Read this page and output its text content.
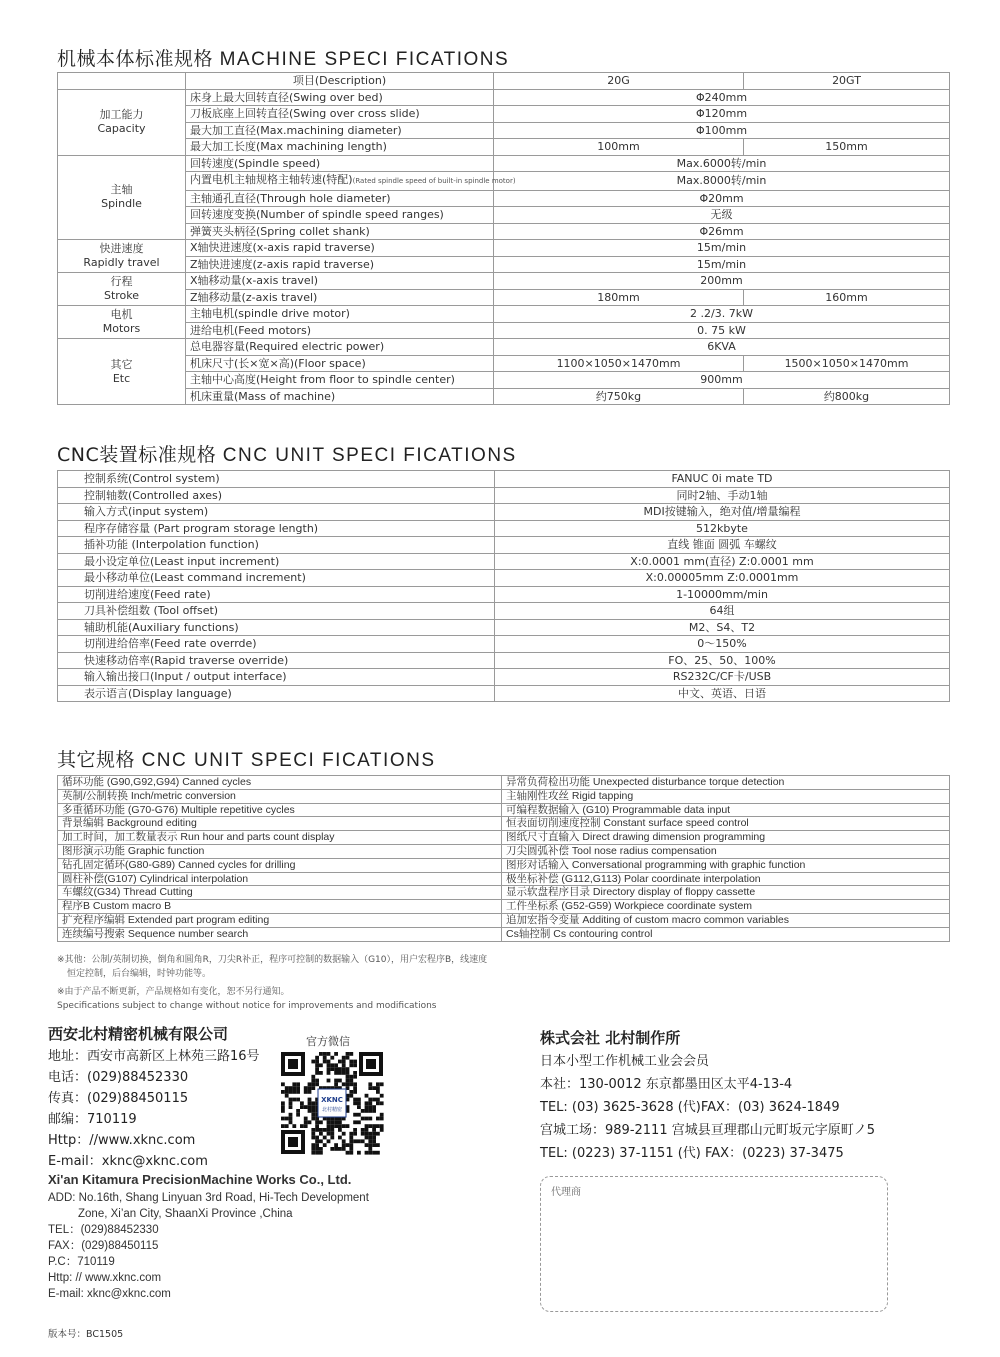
机械本体标准规格 MACHINE SPECI FICATIONS
	项目(Description)	20G	20GT

加工能力
Capacity	床身上最大回转直径(Swing over bed)	Φ240mm	
	刀板底座上回转直径(Swing over cross slide)	Φ120mm	
	最大加工直径(Max.machining diameter)	Φ100mm	
	最大加工长度(Max machining length)	100mm	150mm

主轴
Spindle	回转速度(Spindle speed)	Max.6000转/min	
	内置电机主轴规格主轴转速(特配)(Rated spindle speed of built-in spindle motor)	Max.8000转/min	
	主轴通孔直径(Through hole diameter)	Φ20mm	
	回转速度变换(Number of spindle speed ranges)	无级	
	弹簧夹头柄径(Spring collet shank)	Φ26mm	

快进速度
Rapidly travel	X轴快进速度(x-axis rapid traverse)	15m/min	
	Z轴快进速度(z-axis rapid traverse)	15m/min	

行程
Stroke	X轴移动量(x-axis travel)	200mm	
	Z轴移动量(z-axis travel)	180mm	160mm

电机
Motors	主轴电机(spindle drive motor)	2 .2/3. 7kW	
	进给电机(Feed motors)	0. 75 kW	

其它
Etc	总电器容量(Required electric power)	6KVA	
	机床尺寸(长×宽×高)(Floor space)	1100×1050×1470mm	1500×1050×1470mm
	主轴中心高度(Height from floor to spindle center)	900mm	
	机床重量(Mass of machine)	约750kg	约800kg
CNC装置标准规格 CNC UNIT SPECI FICATIONS
控制系统(Control system)	FANUC 0i mate TD
控制轴数(Controlled axes)	同时2轴、手动1轴
输入方式(input system)	MDI按键输入，绝对值/增量编程
程序存储容量 (Part program storage length)	512kbyte
插补功能 (Interpolation function)	直线 锥面 圆弧 车螺纹
最小设定单位(Least input increment)	X:0.0001 mm(直径) Z:0.0001 mm
最小移动单位(Least command increment)	X:0.00005mm Z:0.0001mm
切削进给速度(Feed rate)	1-10000mm/min
刀具补偿组数 (Tool offset)	64组
辅助机能(Auxiliary functions)	M2、S4、T2
切削进给倍率(Feed rate overrde)	0～150%
快速移动倍率(Rapid traverse override)	FO、25、50、100%
输入输出接口(Input / output interface)	RS232C/CF卡/USB
表示语言(Display language)	中文、英语、日语
其它规格 CNC UNIT SPECI FICATIONS
循环功能 (G90,G92,G94) Canned cycles	异常负荷检出功能 Unexpected disturbance torque detection
英制/公制转换 Inch/metric conversion	主轴刚性攻丝 Rigid tapping
多重循环功能 (G70-G76) Multiple repetitive cycles	可编程数据输入 (G10) Programmable data input
背景编辑 Background editing	恒表面切削速度控制 Constant surface speed control
加工时间，加工数量表示 Run hour and parts count display	图纸尺寸直输入 Direct drawing dimension programming
图形演示功能 Graphic function	刀尖圆弧补偿 Tool nose radius compensation
钻孔固定循环(G80-G89) Canned cycles for drilling	图形对话输入 Conversational programming with graphic function
圆柱补偿(G107) Cylindrical interpolation	极坐标补偿 (G112,G113) Polar coordinate interpolation
车螺纹(G34) Thread Cutting	显示软盘程序目录 Directory display of floppy cassette
程序B Custom macro B	工件坐标系 (G52-G59) Workpiece coordinate system
扩充程序编辑 Extended part program editing	追加宏指令变量 Additing of custom macro common variables
连续编号搜索 Sequence number search	Cs轴控制 Cs contouring control
※其他：公制/英制切换，倒角和圆角R，刀尖R补正，程序可控制的数据输入（G10），用户宏程序B，线速度
恒定控制，后台编辑，时钟功能等。
※由于产品不断更新，产品规格如有变化，恕不另行通知。
Specifications subject to change without notice for improvements and modifications
西安北村精密机械有限公司
地址：西安市高新区上林苑三路16号
电话：(029)88452330
传真：(029)88450115
邮编：710119
Http：//www.xknc.com
E-mail：xknc@xknc.com
官方微信
XKNC
北村精密
株式会社 北村制作所
日本小型工作机械工业会会员
本社：130-0012 东京都墨田区太平4-13-4
TEL: (03) 3625-3628 (代)FAX：(03) 3624-1849
宫城工场：989-2111 宫城县亘理郡山元町坂元字原町ノ5
TEL: (0223) 37-1151 (代) FAX：(0223) 37-3475
Xi'an Kitamura PrecisionMachine Works Co., Ltd.
ADD: No.16th, Shang Linyuan 3rd Road, Hi-Tech Development
Zone, Xi’an City, ShaanXi Province ,China
TEL：(029)88452330
FAX：(029)88450115
P.C：710119
Http: // www.xknc.com
E-mail: xknc@xknc.com
代理商
版本号：BC1505
